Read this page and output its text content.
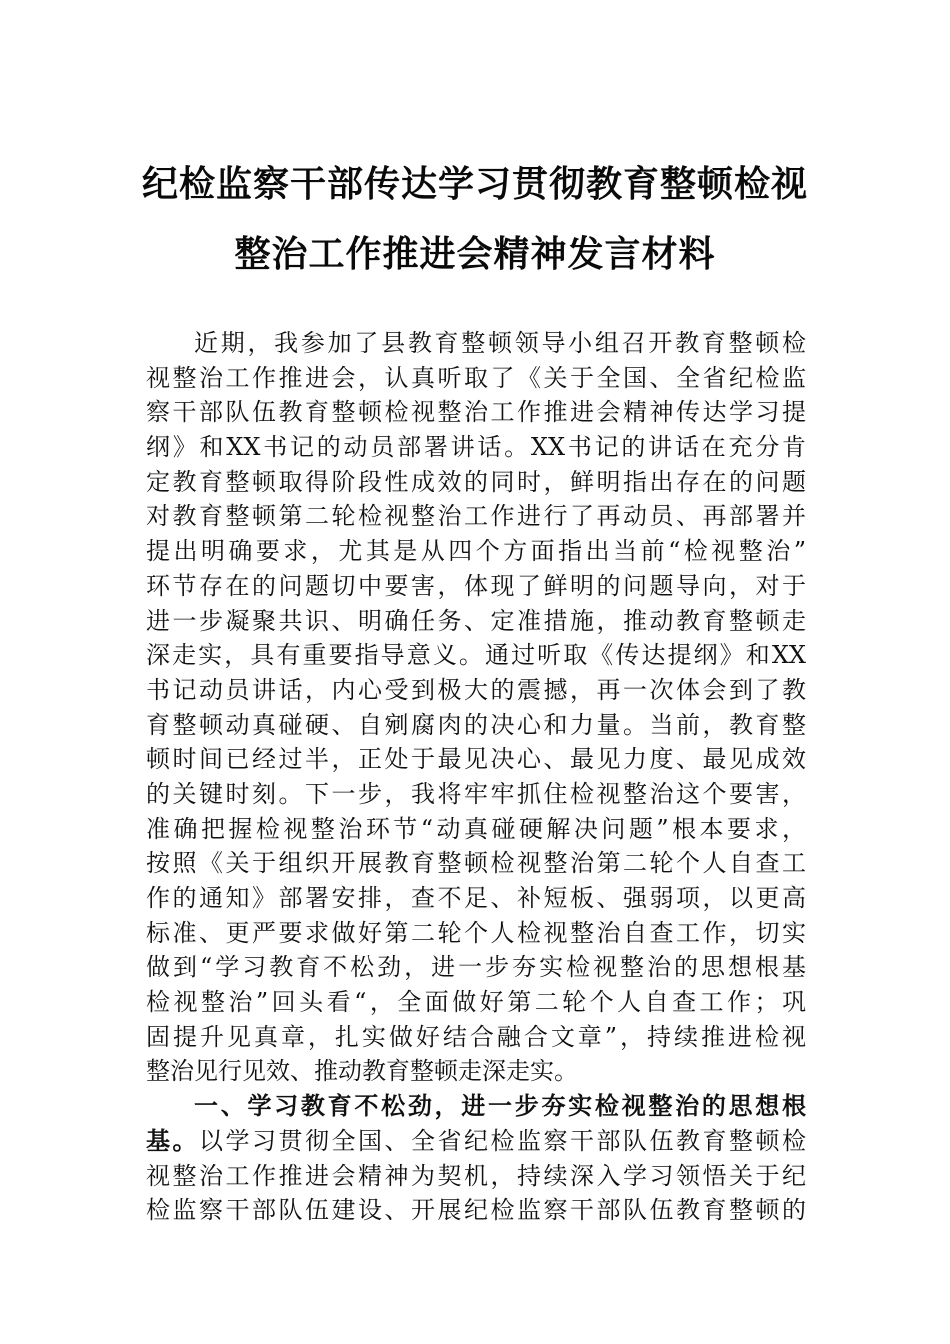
纪检监察干部传达学习贯彻教育整顿检视
整治工作推进会精神发言材料
近期，我参加了县教育整顿领导小组召开教育整顿检
视整治工作推进会，认真听取了《关于全国、全省纪检监
察干部队伍教育整顿检视整治工作推进会精神传达学习提
纲》和XX书记的动员部署讲话。XX书记的讲话在充分肯
定教育整顿取得阶段性成效的同时，鲜明指出存在的问题
对教育整顿第二轮检视整治工作进行了再动员、再部署并
提出明确要求，尤其是从四个方面指出当前“检视整治”
环节存在的问题切中要害，体现了鲜明的问题导向，对于
进一步凝聚共识、明确任务、定准措施，推动教育整顿走
深走实，具有重要指导意义。通过听取《传达提纲》和XX
书记动员讲话，内心受到极大的震撼，再一次体会到了教
育整顿动真碰硬、自剜腐肉的决心和力量。当前，教育整
顿时间已经过半，正处于最见决心、最见力度、最见成效
的关键时刻。下一步，我将牢牢抓住检视整治这个要害，
准确把握检视整治环节“动真碰硬解决问题”根本要求，
按照《关于组织开展教育整顿检视整治第二轮个人自查工
作的通知》部署安排，查不足、补短板、强弱项，以更高
标准、更严要求做好第二轮个人检视整治自查工作，切实
做到“学习教育不松劲，进一步夯实检视整治的思想根基
检视整治”回头看“，全面做好第二轮个人自查工作；巩
固提升见真章，扎实做好结合融合文章”，持续推进检视
整治见行见效、推动教育整顿走深走实。
一、学习教育不松劲，进一步夯实检视整治的思想根
基。以学习贯彻全国、全省纪检监察干部队伍教育整顿检
视整治工作推进会精神为契机，持续深入学习领悟关于纪
检监察干部队伍建设、开展纪检监察干部队伍教育整顿的
